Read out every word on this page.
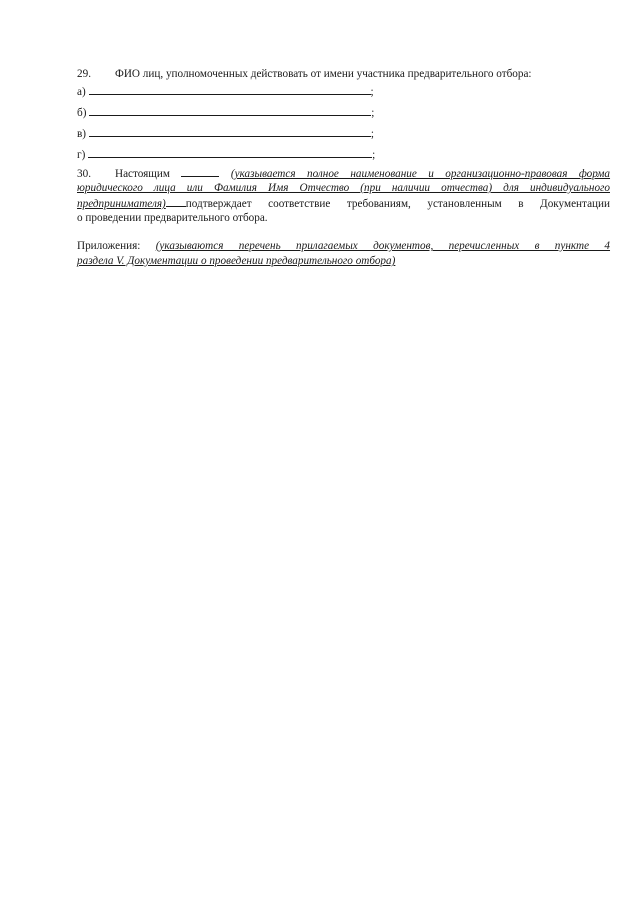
29. ФИО лиц, уполномоченных действовать от имени участника предварительного отбора:
а)	;
б)	;
в)	;
г)	;
30. Настоящим	(указывается полное наименование и организационно-правовая форма
юридического лица или Фамилия Имя Отчество (при наличии отчества) для индивидуального
предпринимателя) подтверждает соответствие требованиям, установленным в Документации
о проведении предварительного отбора.
Приложения: (указываются перечень прилагаемых документов, перечисленных в пункте 4
раздела V. Документации о проведении предварительного отбора)
